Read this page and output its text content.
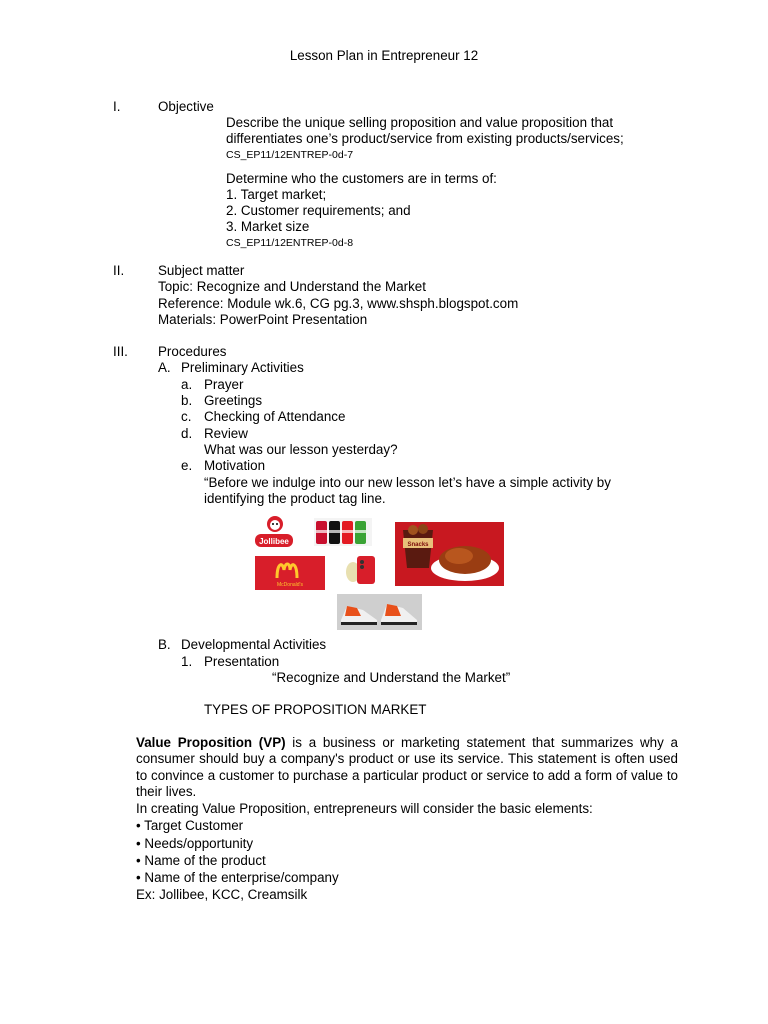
Lesson Plan in Entrepreneur 12
I.	Objective
Describe the unique selling proposition and value proposition that
differentiates one’s product/service from existing products/services;
CS_EP11/12ENTREP-0d-7
Determine who the customers are in terms of:
1. Target market;
2. Customer requirements; and
3. Market size
CS_EP11/12ENTREP-0d-8
II.	Subject matter
Topic: Recognize and Understand the Market
Reference: Module wk.6, CG pg.3, www.shsph.blogspot.com
Materials: PowerPoint Presentation
III. Procedures
A. Preliminary Activities
a. Prayer
b. Greetings
c. Checking of Attendance
d. Review
What was our lesson yesterday?
e. Motivation
“Before we indulge into our new lesson let’s have a simple activity by
identifying the product tag line.
Jollibee	Snacks
McDonald's
B. Developmental Activities
1. Presentation
“Recognize and Understand the Market”
TYPES OF PROPOSITION MARKET
Value Proposition (VP) is a business or marketing statement that summarizes why a consumer should buy a company's product or use its service. This statement is often used to convince a customer to purchase a particular product or service to add a form of value to their lives.
In creating Value Proposition, entrepreneurs will consider the basic elements:
• Target Customer
• Needs/opportunity
• Name of the product
• Name of the enterprise/company
Ex: Jollibee, KCC, Creamsilk
